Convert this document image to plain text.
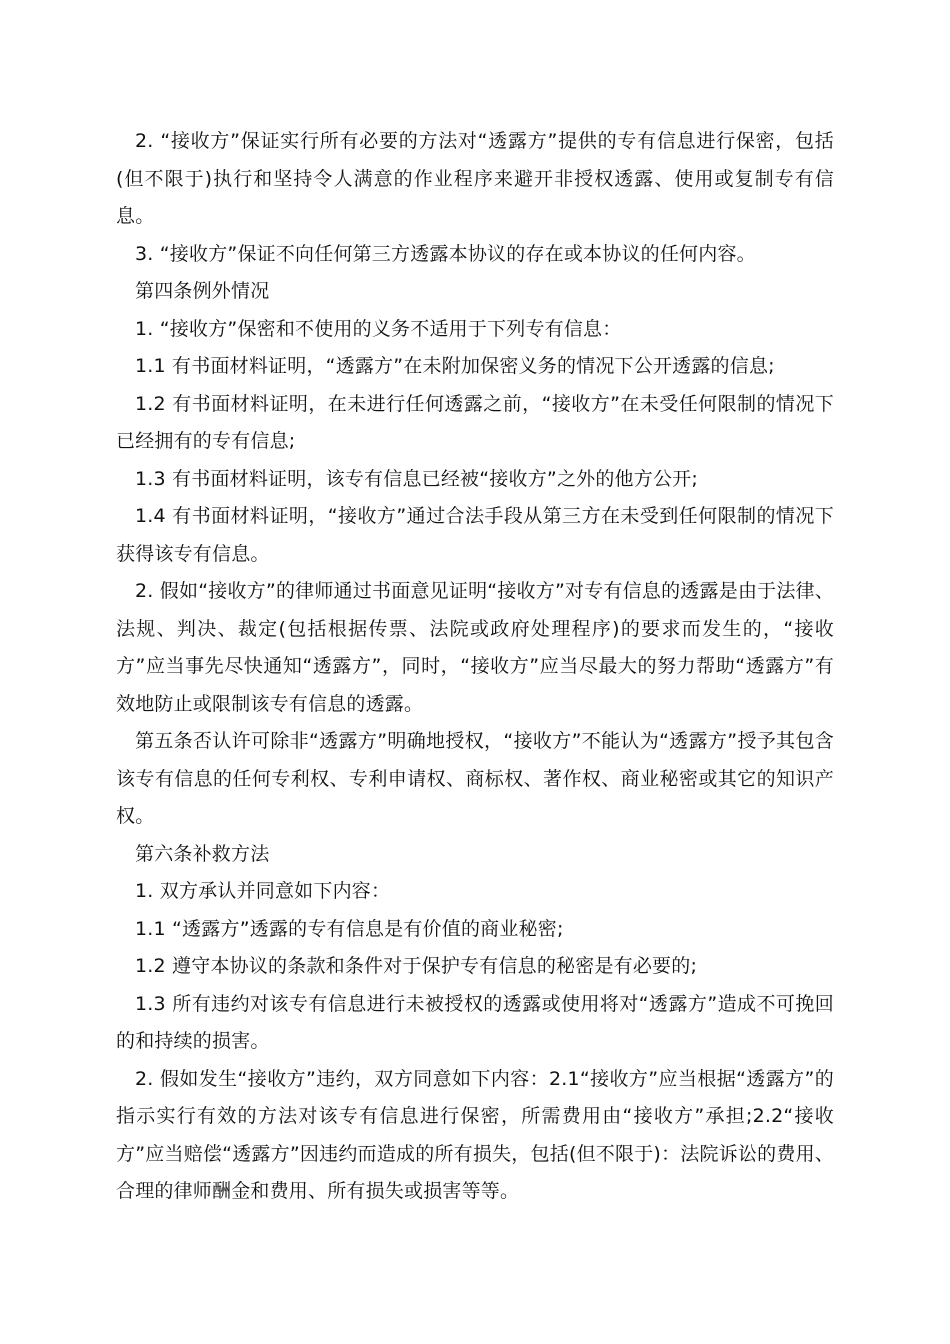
2. “接收方”保证实行所有必要的方法对“透露方”提供的专有信息进行保密，包括(但不限于)执行和坚持令人满意的作业程序来避开非授权透露、使用或复制专有信息。

3. “接收方”保证不向任何第三方透露本协议的存在或本协议的任何内容。

第四条例外情况

1. “接收方”保密和不使用的义务不适用于下列专有信息：

1.1 有书面材料证明，“透露方”在未附加保密义务的情况下公开透露的信息;

1.2 有书面材料证明，在未进行任何透露之前，“接收方”在未受任何限制的情况下已经拥有的专有信息;

1.3 有书面材料证明，该专有信息已经被“接收方”之外的他方公开;

1.4 有书面材料证明，“接收方”通过合法手段从第三方在未受到任何限制的情况下获得该专有信息。

2. 假如“接收方”的律师通过书面意见证明“接收方”对专有信息的透露是由于法律、法规、判决、裁定(包括根据传票、法院或政府处理程序)的要求而发生的，“接收方”应当事先尽快通知“透露方”，同时，“接收方”应当尽最大的努力帮助“透露方”有效地防止或限制该专有信息的透露。

第五条否认许可除非“透露方”明确地授权，“接收方”不能认为“透露方”授予其包含该专有信息的任何专利权、专利申请权、商标权、著作权、商业秘密或其它的知识产权。

第六条补救方法

1. 双方承认并同意如下内容：

1.1 “透露方”透露的专有信息是有价值的商业秘密;

1.2 遵守本协议的条款和条件对于保护专有信息的秘密是有必要的;

1.3 所有违约对该专有信息进行未被授权的透露或使用将对“透露方”造成不可挽回的和持续的损害。

2. 假如发生“接收方”违约，双方同意如下内容：2.1“接收方”应当根据“透露方”的指示实行有效的方法对该专有信息进行保密，所需费用由“接收方”承担;2.2“接收方”应当赔偿“透露方”因违约而造成的所有损失，包括(但不限于)：法院诉讼的费用、合理的律师酬金和费用、所有损失或损害等等。
